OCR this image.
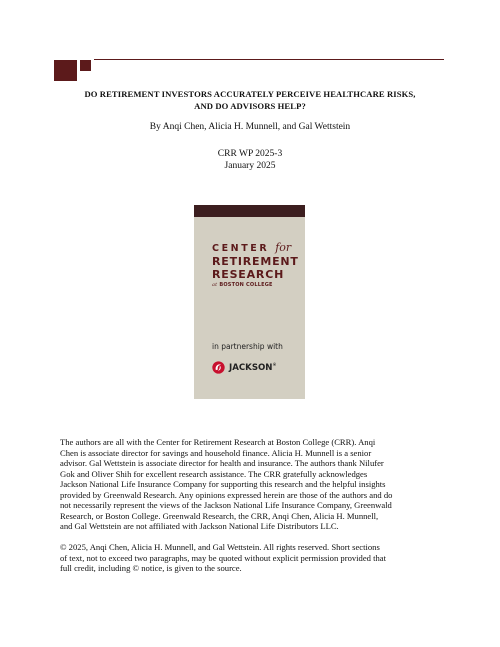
DO RETIREMENT INVESTORS ACCURATELY PERCEIVE HEALTHCARE RISKS,
AND DO ADVISORS HELP?
By Anqi Chen, Alicia H. Munnell, and Gal Wettstein
CRR WP 2025-3
January 2025
CENTER for
RETIREMENT
RESEARCH
at BOSTON COLLEGE
in partnership with
JACKSON®
The authors are all with the Center for Retirement Research at Boston College (CRR). Anqi
Chen is associate director for savings and household finance. Alicia H. Munnell is a senior
advisor. Gal Wettstein is associate director for health and insurance. The authors thank Nilufer
Gok and Oliver Shih for excellent research assistance. The CRR gratefully acknowledges
Jackson National Life Insurance Company for supporting this research and the helpful insights
provided by Greenwald Research. Any opinions expressed herein are those of the authors and do
not necessarily represent the views of the Jackson National Life Insurance Company, Greenwald
Research, or Boston College. Greenwald Research, the CRR, Anqi Chen, Alicia H. Munnell,
and Gal Wettstein are not affiliated with Jackson National Life Distributors LLC.
© 2025, Anqi Chen, Alicia H. Munnell, and Gal Wettstein. All rights reserved. Short sections
of text, not to exceed two paragraphs, may be quoted without explicit permission provided that
full credit, including © notice, is given to the source.
